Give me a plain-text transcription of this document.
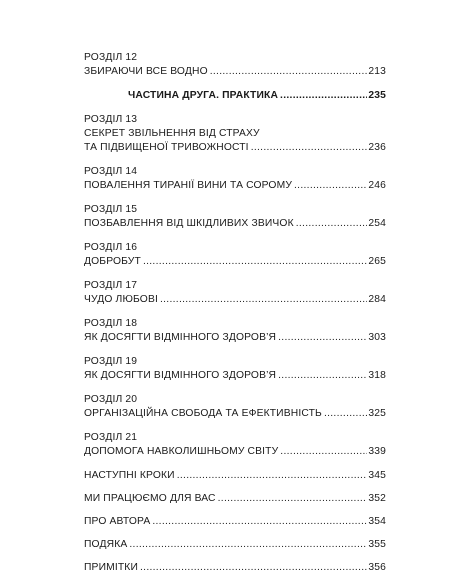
РОЗДІЛ 12
ЗБИРАЮЧИ ВСЕ ВОДНО .....	213
ЧАСТИНА ДРУГА. ПРАКТИКА .....	235
РОЗДІЛ 13
СЕКРЕТ ЗВІЛЬНЕННЯ ВІД СТРАХУ
ТА ПІДВИЩЕНОЇ ТРИВОЖНОСТІ .....	236
РОЗДІЛ 14
ПОВАЛЕННЯ ТИРАНІЇ ВИНИ ТА СОРОМУ .....	246
РОЗДІЛ 15
ПОЗБАВЛЕННЯ ВІД ШКІДЛИВИХ ЗВИЧОК .....	254
РОЗДІЛ 16
ДОБРОБУТ .....	265
РОЗДІЛ 17
ЧУДО ЛЮБОВІ .....	284
РОЗДІЛ 18
ЯК ДОСЯГТИ ВІДМІННОГО ЗДОРОВ’Я .....	303
РОЗДІЛ 19
ЯК ДОСЯГТИ ВІДМІННОГО ЗДОРОВ’Я .....	318
РОЗДІЛ 20
ОРГАНІЗАЦІЙНА СВОБОДА ТА ЕФЕКТИВНІСТЬ .....	325
РОЗДІЛ 21
ДОПОМОГА НАВКОЛИШНЬОМУ СВІТУ .....	339
НАСТУПНІ КРОКИ .....	345
МИ ПРАЦЮЄМО ДЛЯ ВАС .....	352
ПРО АВТОРА .....	354
ПОДЯКА .....	355
ПРИМІТКИ .....	356
